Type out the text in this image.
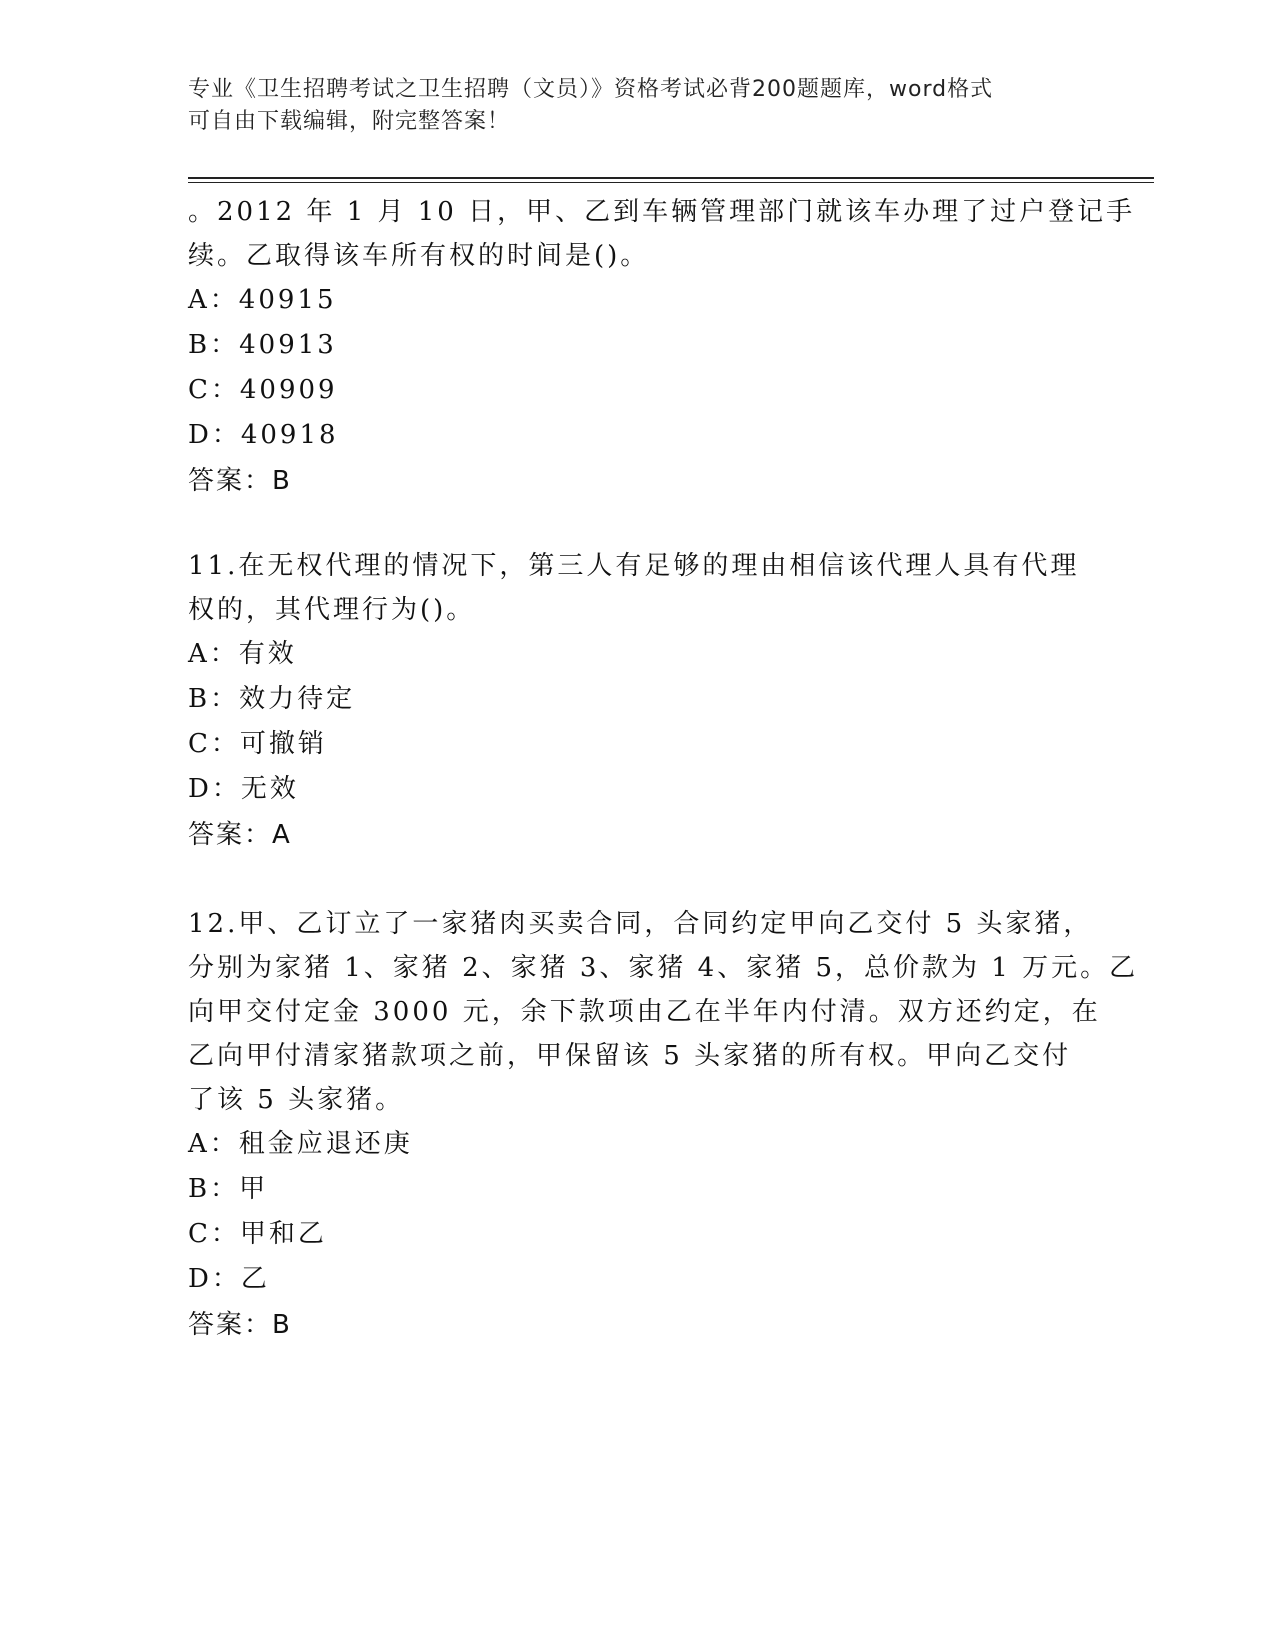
专业《卫生招聘考试之卫生招聘（文员）》资格考试必背200题题库，word格式
可自由下载编辑，附完整答案！
。2012 年 1 月 10 日，甲、乙到车辆管理部门就该车办理了过户登记手
续。乙取得该车所有权的时间是()。
A：40915
B：40913
C：40909
D：40918
答案：B
11.在无权代理的情况下，第三人有足够的理由相信该代理人具有代理
权的，其代理行为()。
A：有效
B：效力待定
C：可撤销
D：无效
答案：A
12.甲、乙订立了一家猪肉买卖合同，合同约定甲向乙交付 5 头家猪，
分别为家猪 1、家猪 2、家猪 3、家猪 4、家猪 5，总价款为 1 万元。乙
向甲交付定金 3000 元，余下款项由乙在半年内付清。双方还约定，在
乙向甲付清家猪款项之前，甲保留该 5 头家猪的所有权。甲向乙交付
了该 5 头家猪。
A：租金应退还庚
B：甲
C：甲和乙
D：乙
答案：B
